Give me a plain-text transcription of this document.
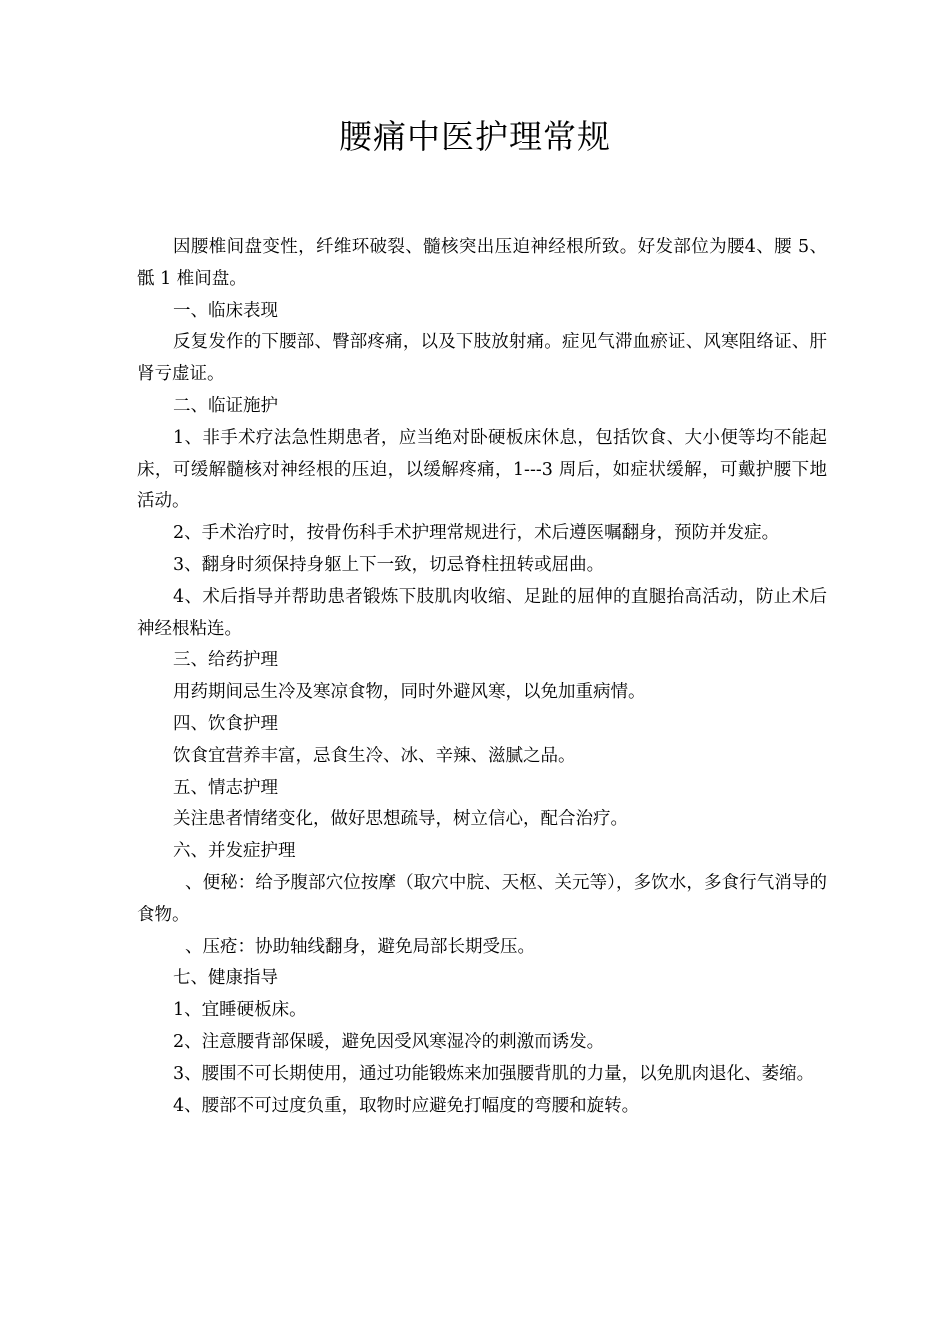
腰痛中医护理常规

因腰椎间盘变性，纤维环破裂、髓核突出压迫神经根所致。好发部位为腰4、腰 5、骶 1 椎间盘。

一、临床表现

反复发作的下腰部、臀部疼痛，以及下肢放射痛。症见气滞血瘀证、风寒阻络证、肝肾亏虚证。

二、临证施护

1、非手术疗法急性期患者，应当绝对卧硬板床休息，包括饮食、大小便等均不能起床，可缓解髓核对神经根的压迫，以缓解疼痛，1---3 周后，如症状缓解，可戴护腰下地活动。

2、手术治疗时，按骨伤科手术护理常规进行，术后遵医嘱翻身，预防并发症。

3、翻身时须保持身躯上下一致，切忌脊柱扭转或屈曲。

4、术后指导并帮助患者锻炼下肢肌肉收缩、足趾的屈伸的直腿抬高活动，防止术后神经根粘连。

三、给药护理

用药期间忌生冷及寒凉食物，同时外避风寒，以免加重病情。

四、饮食护理

饮食宜营养丰富，忌食生冷、冰、辛辣、滋腻之品。

五、情志护理

关注患者情绪变化，做好思想疏导，树立信心，配合治疗。

六、并发症护理

、便秘：给予腹部穴位按摩（取穴中脘、天枢、关元等），多饮水，多食行气消导的食物。

、压疮：协助轴线翻身，避免局部长期受压。

七、健康指导

1、宜睡硬板床。

2、注意腰背部保暖，避免因受风寒湿冷的刺激而诱发。

3、腰围不可长期使用，通过功能锻炼来加强腰背肌的力量，以免肌肉退化、萎缩。

4、腰部不可过度负重，取物时应避免打幅度的弯腰和旋转。
